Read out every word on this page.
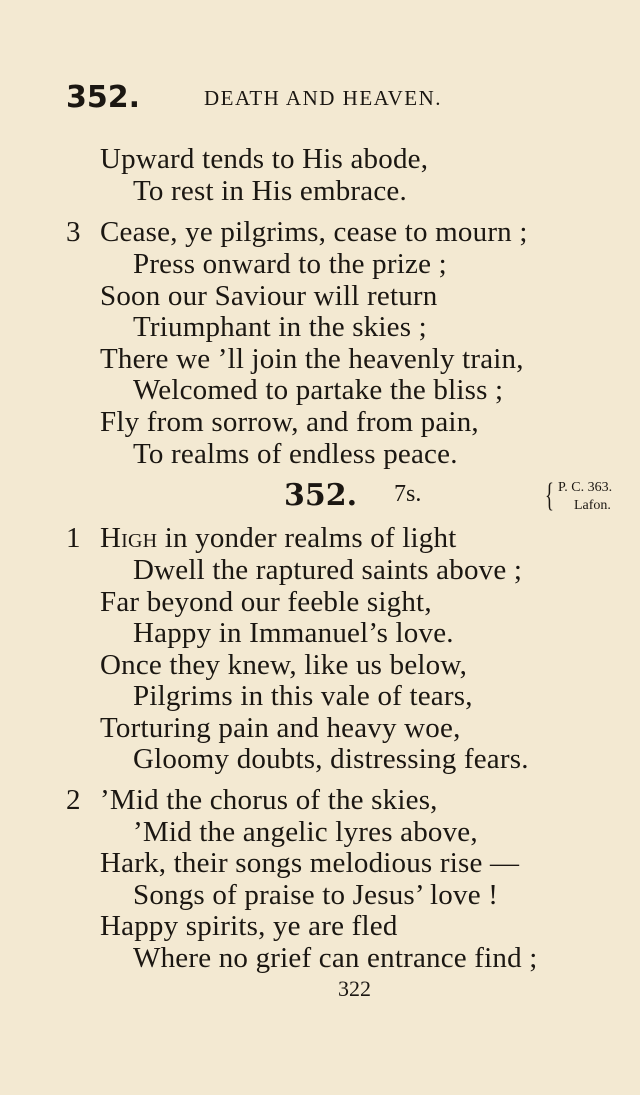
352.	DEATH AND HEAVEN.
Upward tends to His abode,
To rest in His embrace.
3 Cease, ye pilgrims, cease to mourn ;
Press onward to the prize ;
Soon our Saviour will return
Triumphant in the skies ;
There we ’ll join the heavenly train,
Welcomed to partake the bliss ;
Fly from sorrow, and from pain,
To realms of endless peace.
352. 7s.	{ P. C. 363.
Lafon.
1 High in yonder realms of light
Dwell the raptured saints above ;
Far beyond our feeble sight,
Happy in Immanuel’s love.
Once they knew, like us below,
Pilgrims in this vale of tears,
Torturing pain and heavy woe,
Gloomy doubts, distressing fears.
2 ’Mid the chorus of the skies,
’Mid the angelic lyres above,
Hark, their songs melodious rise —
Songs of praise to Jesus’ love !
Happy spirits, ye are fled
Where no grief can entrance find ;
322
